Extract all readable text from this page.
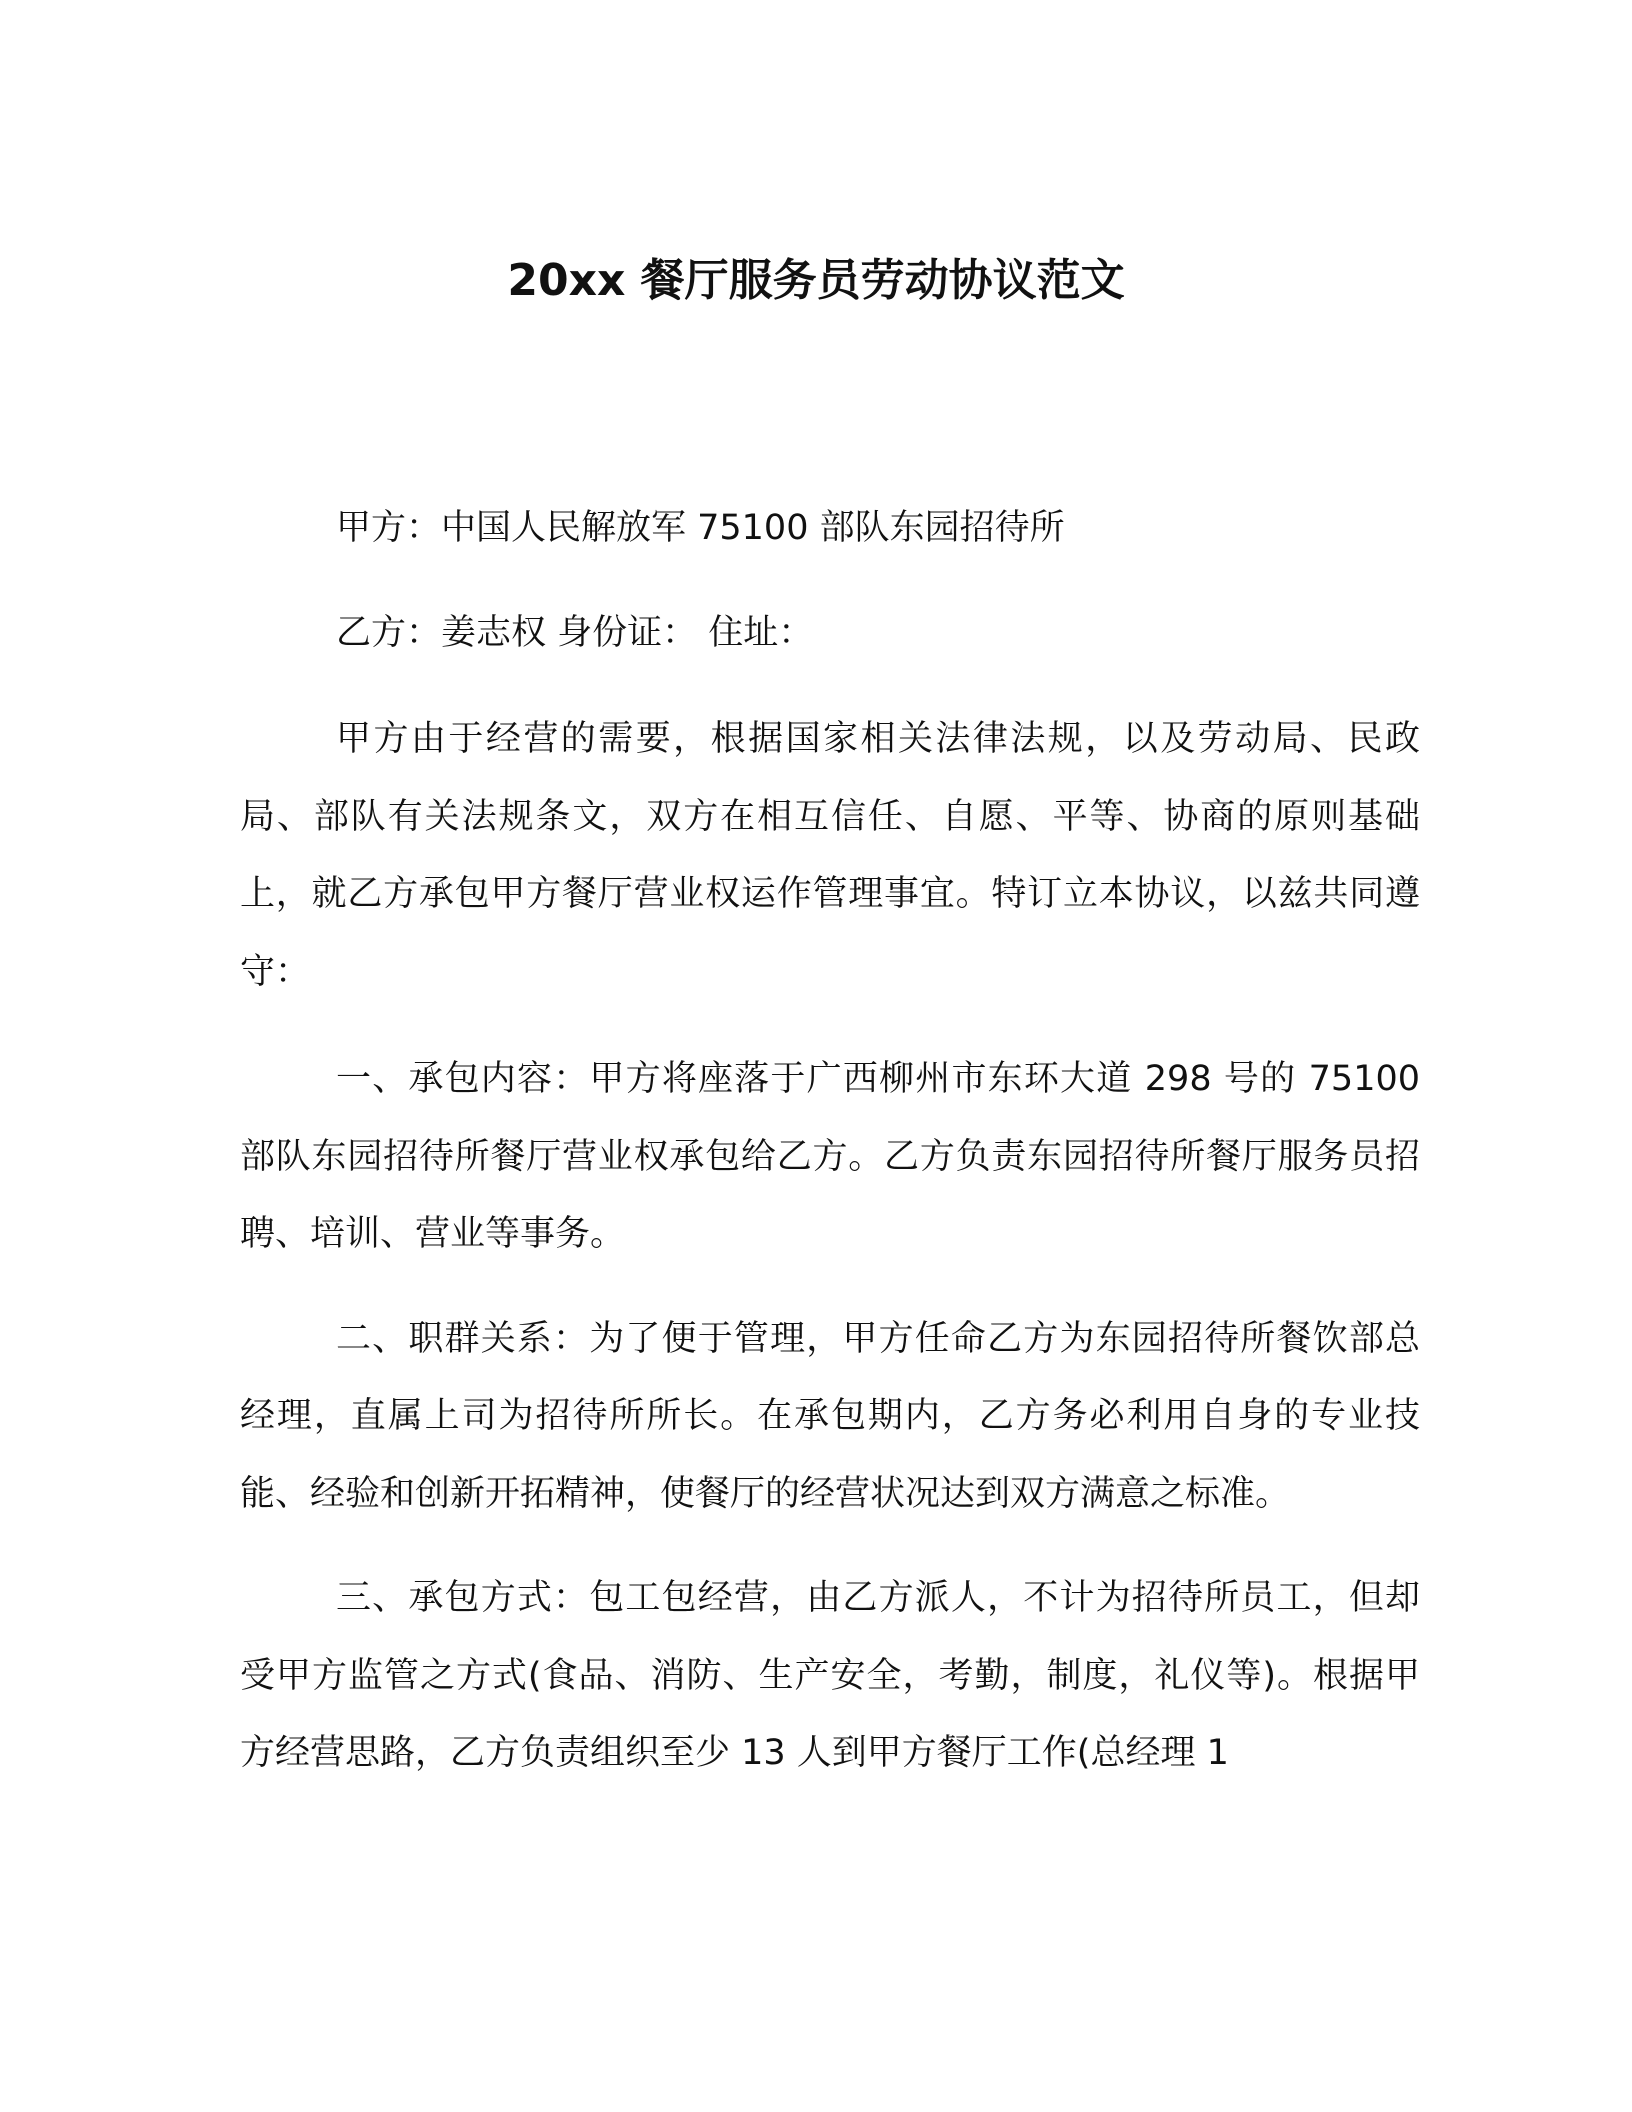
20xx 餐厅服务员劳动协议范文

甲方：中国人民解放军 75100 部队东园招待所

乙方：姜志权 身份证： 住址：

甲方由于经营的需要，根据国家相关法律法规，以及劳动局、民政局、部队有关法规条文，双方在相互信任、自愿、平等、协商的原则基础上，就乙方承包甲方餐厅营业权运作管理事宜。特订立本协议，以兹共同遵守：

一、承包内容：甲方将座落于广西柳州市东环大道 298 号的 75100 部队东园招待所餐厅营业权承包给乙方。乙方负责东园招待所餐厅服务员招聘、培训、营业等事务。

二、职群关系：为了便于管理，甲方任命乙方为东园招待所餐饮部总经理，直属上司为招待所所长。在承包期内，乙方务必利用自身的专业技能、经验和创新开拓精神，使餐厅的经营状况达到双方满意之标准。

三、承包方式：包工包经营，由乙方派人，不计为招待所员工，但却受甲方监管之方式(食品、消防、生产安全，考勤，制度，礼仪等)。根据甲方经营思路，乙方负责组织至少 13 人到甲方餐厅工作(总经理 1
